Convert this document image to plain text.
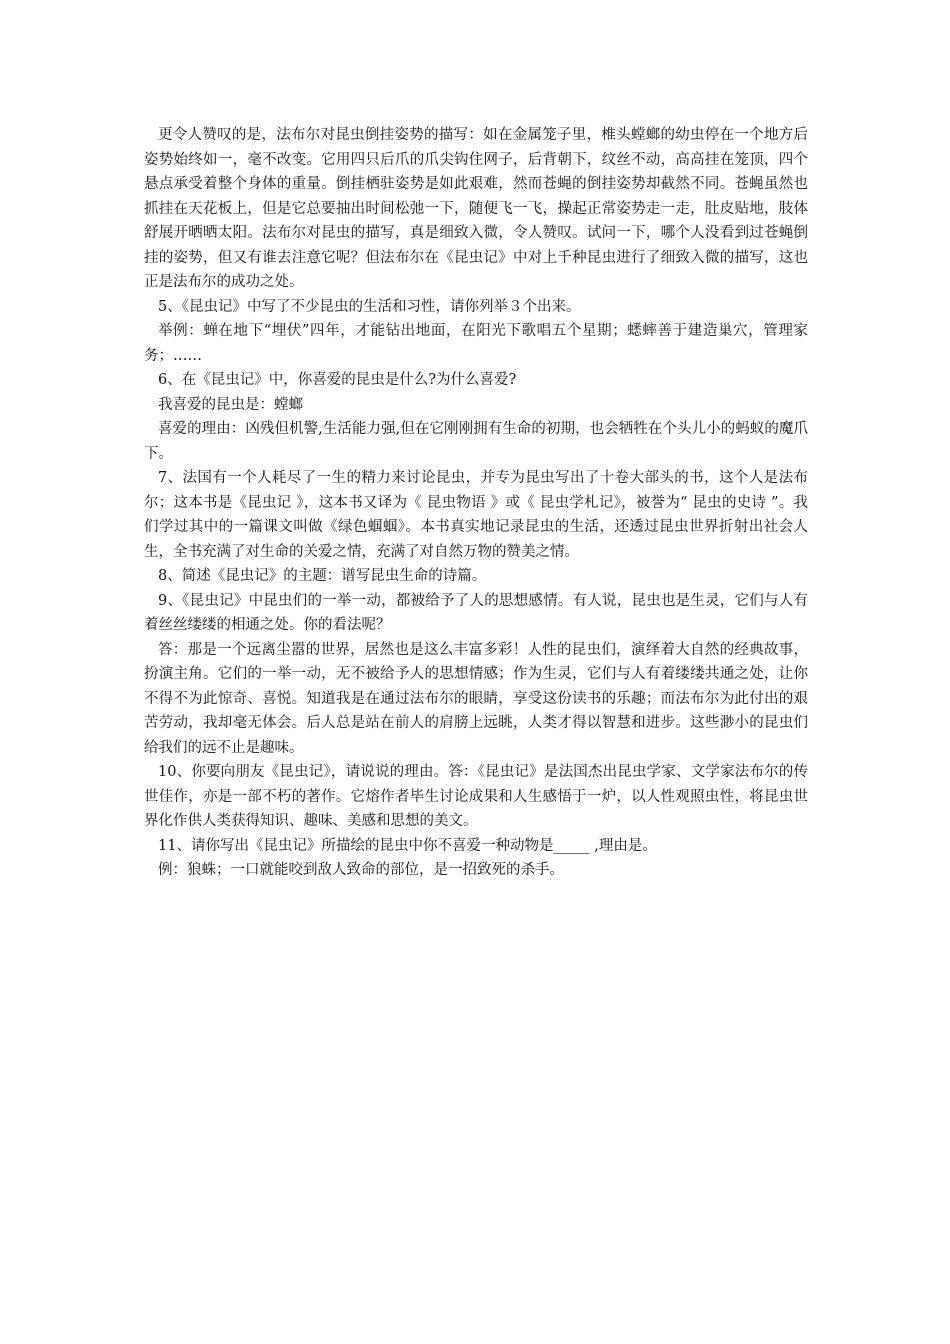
更令人赞叹的是，法布尔对昆虫倒挂姿势的描写：如在金属笼子里，椎头螳螂的幼虫停在一个地方后姿势始终如一，毫不改变。它用四只后爪的爪尖钩住网子，后背朝下，纹丝不动，高高挂在笼顶，四个悬点承受着整个身体的重量。倒挂栖驻姿势是如此艰难，然而苍蝇的倒挂姿势却截然不同。苍蝇虽然也抓挂在天花板上，但是它总要抽出时间松弛一下，随便飞一飞，操起正常姿势走一走，肚皮贴地，肢体舒展开晒晒太阳。法布尔对昆虫的描写，真是细致入微，令人赞叹。试问一下，哪个人没看到过苍蝇倒挂的姿势，但又有谁去注意它呢？但法布尔在《昆虫记》中对上千种昆虫进行了细致入微的描写，这也正是法布尔的成功之处。

5、《昆虫记》中写了不少昆虫的生活和习性，请你列举３个出来。

举例：蝉在地下“埋伏”四年，才能钻出地面，在阳光下歌唱五个星期；蟋蟀善于建造巢穴，管理家务；……

6、在《昆虫记》中，你喜爱的昆虫是什么?为什么喜爱?

我喜爱的昆虫是：螳螂

喜爱的理由：凶残但机警,生活能力强,但在它刚刚拥有生命的初期，也会牺牲在个头儿小的蚂蚁的魔爪下。

7、法国有一个人耗尽了一生的精力来讨论昆虫，并专为昆虫写出了十卷大部头的书，这个人是法布尔；这本书是《昆虫记 》，这本书又译为《 昆虫物语 》或《 昆虫学札记》，被誉为“ 昆虫的史诗 ”。我们学过其中的一篇课文叫做《绿色蝈蝈》。本书真实地记录昆虫的生活，还透过昆虫世界折射出社会人生，全书充满了对生命的关爱之情，充满了对自然万物的赞美之情。

8、简述《昆虫记》的主题：谱写昆虫生命的诗篇。

9、《昆虫记》中昆虫们的一举一动，都被给予了人的思想感情。有人说，昆虫也是生灵，它们与人有着丝丝缕缕的相通之处。你的看法呢？

答：那是一个远离尘嚣的世界，居然也是这么丰富多彩！人性的昆虫们，演绎着大自然的经典故事，扮演主角。它们的一举一动，无不被给予人的思想情感；作为生灵，它们与人有着缕缕共通之处，让你不得不为此惊奇、喜悦。知道我是在通过法布尔的眼睛，享受这份读书的乐趣；而法布尔为此付出的艰苦劳动，我却毫无体会。后人总是站在前人的肩膀上远眺，人类才得以智慧和进步。这些渺小的昆虫们给我们的远不止是趣味。

10、你要向朋友《昆虫记》，请说说的理由。答：《昆虫记》是法国杰出昆虫学家、文学家法布尔的传世佳作，亦是一部不朽的著作。它熔作者毕生讨论成果和人生感悟于一炉，以人性观照虫性，将昆虫世界化作供人类获得知识、趣味、美感和思想的美文。

11、请你写出《昆虫记》所描绘的昆虫中你不喜爱一种动物是_____ ,理由是。

例：狼蛛；一口就能咬到敌人致命的部位，是一招致死的杀手。
